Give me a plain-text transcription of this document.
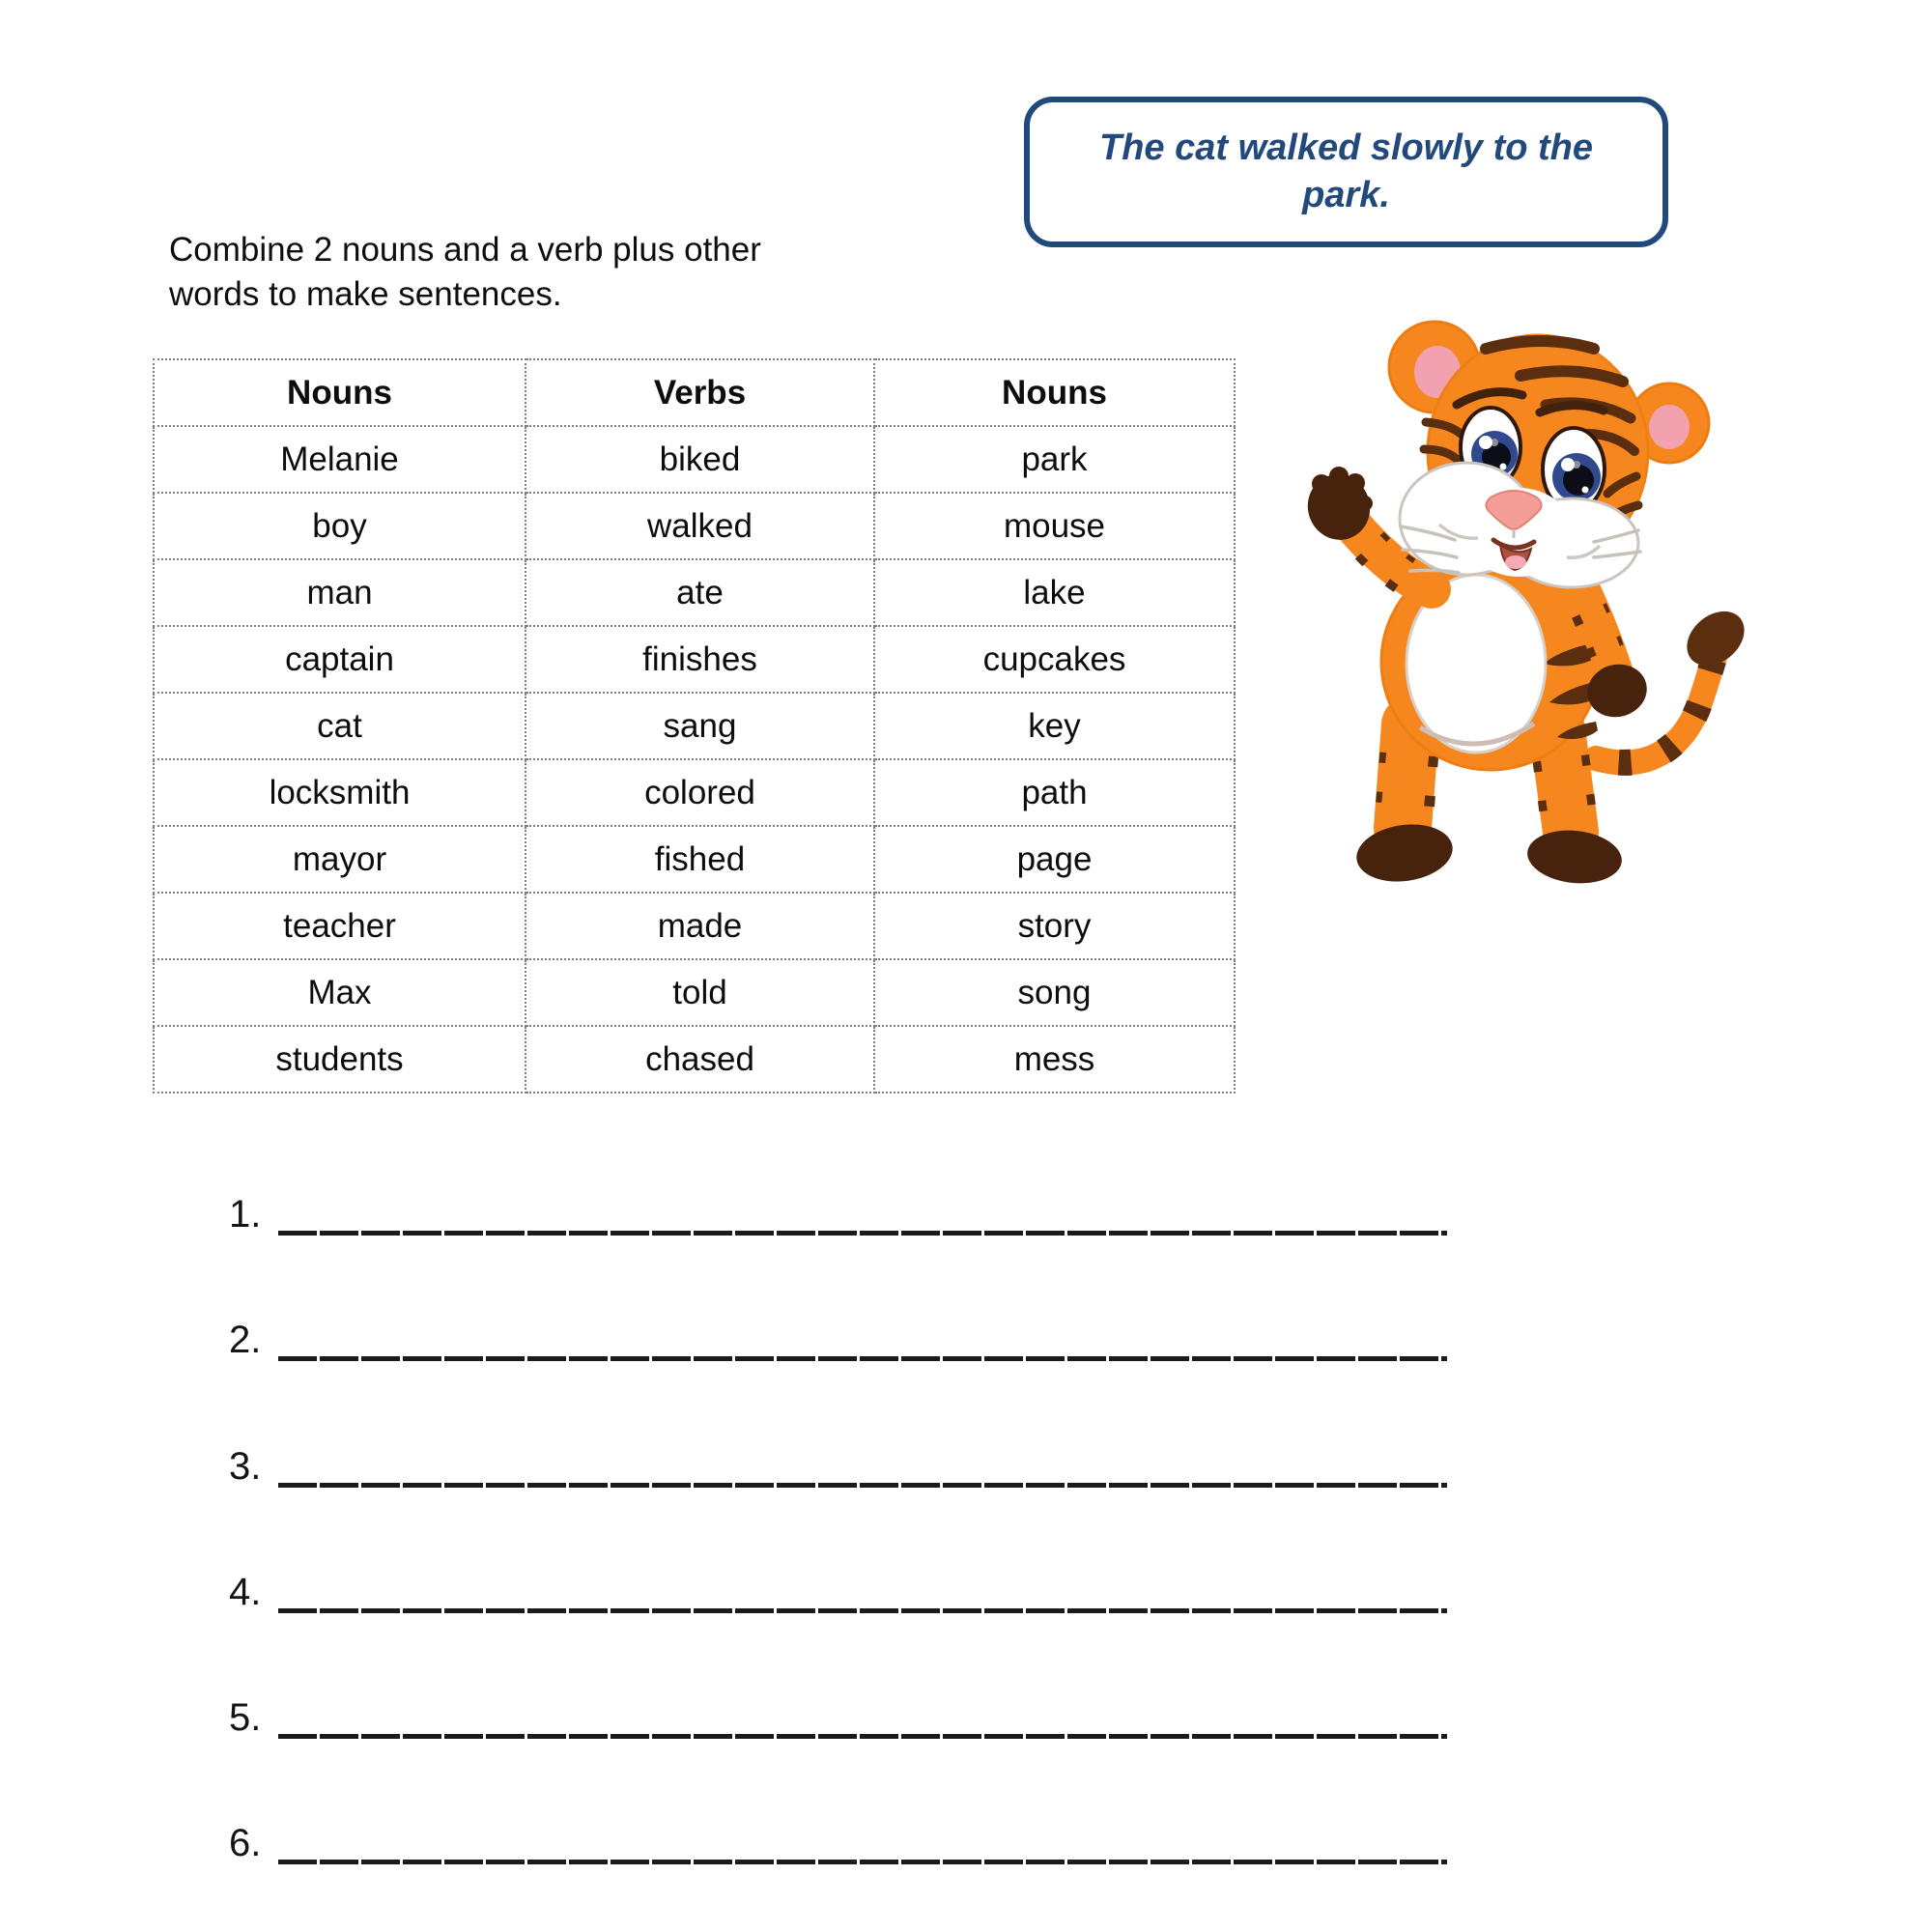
The cat walked slowly to the
park.
Combine 2 nouns and a verb plus other
words to make sentences.
Nouns	Verbs	Nouns
Melanie	biked	park
boy	walked	mouse
man	ate	lake
captain	finishes	cupcakes
cat	sang	key
locksmith	colored	path
mayor	fished	page
teacher	made	story
Max	told	song
students	chased	mess
1.
2.
3.
4.
5.
6.
